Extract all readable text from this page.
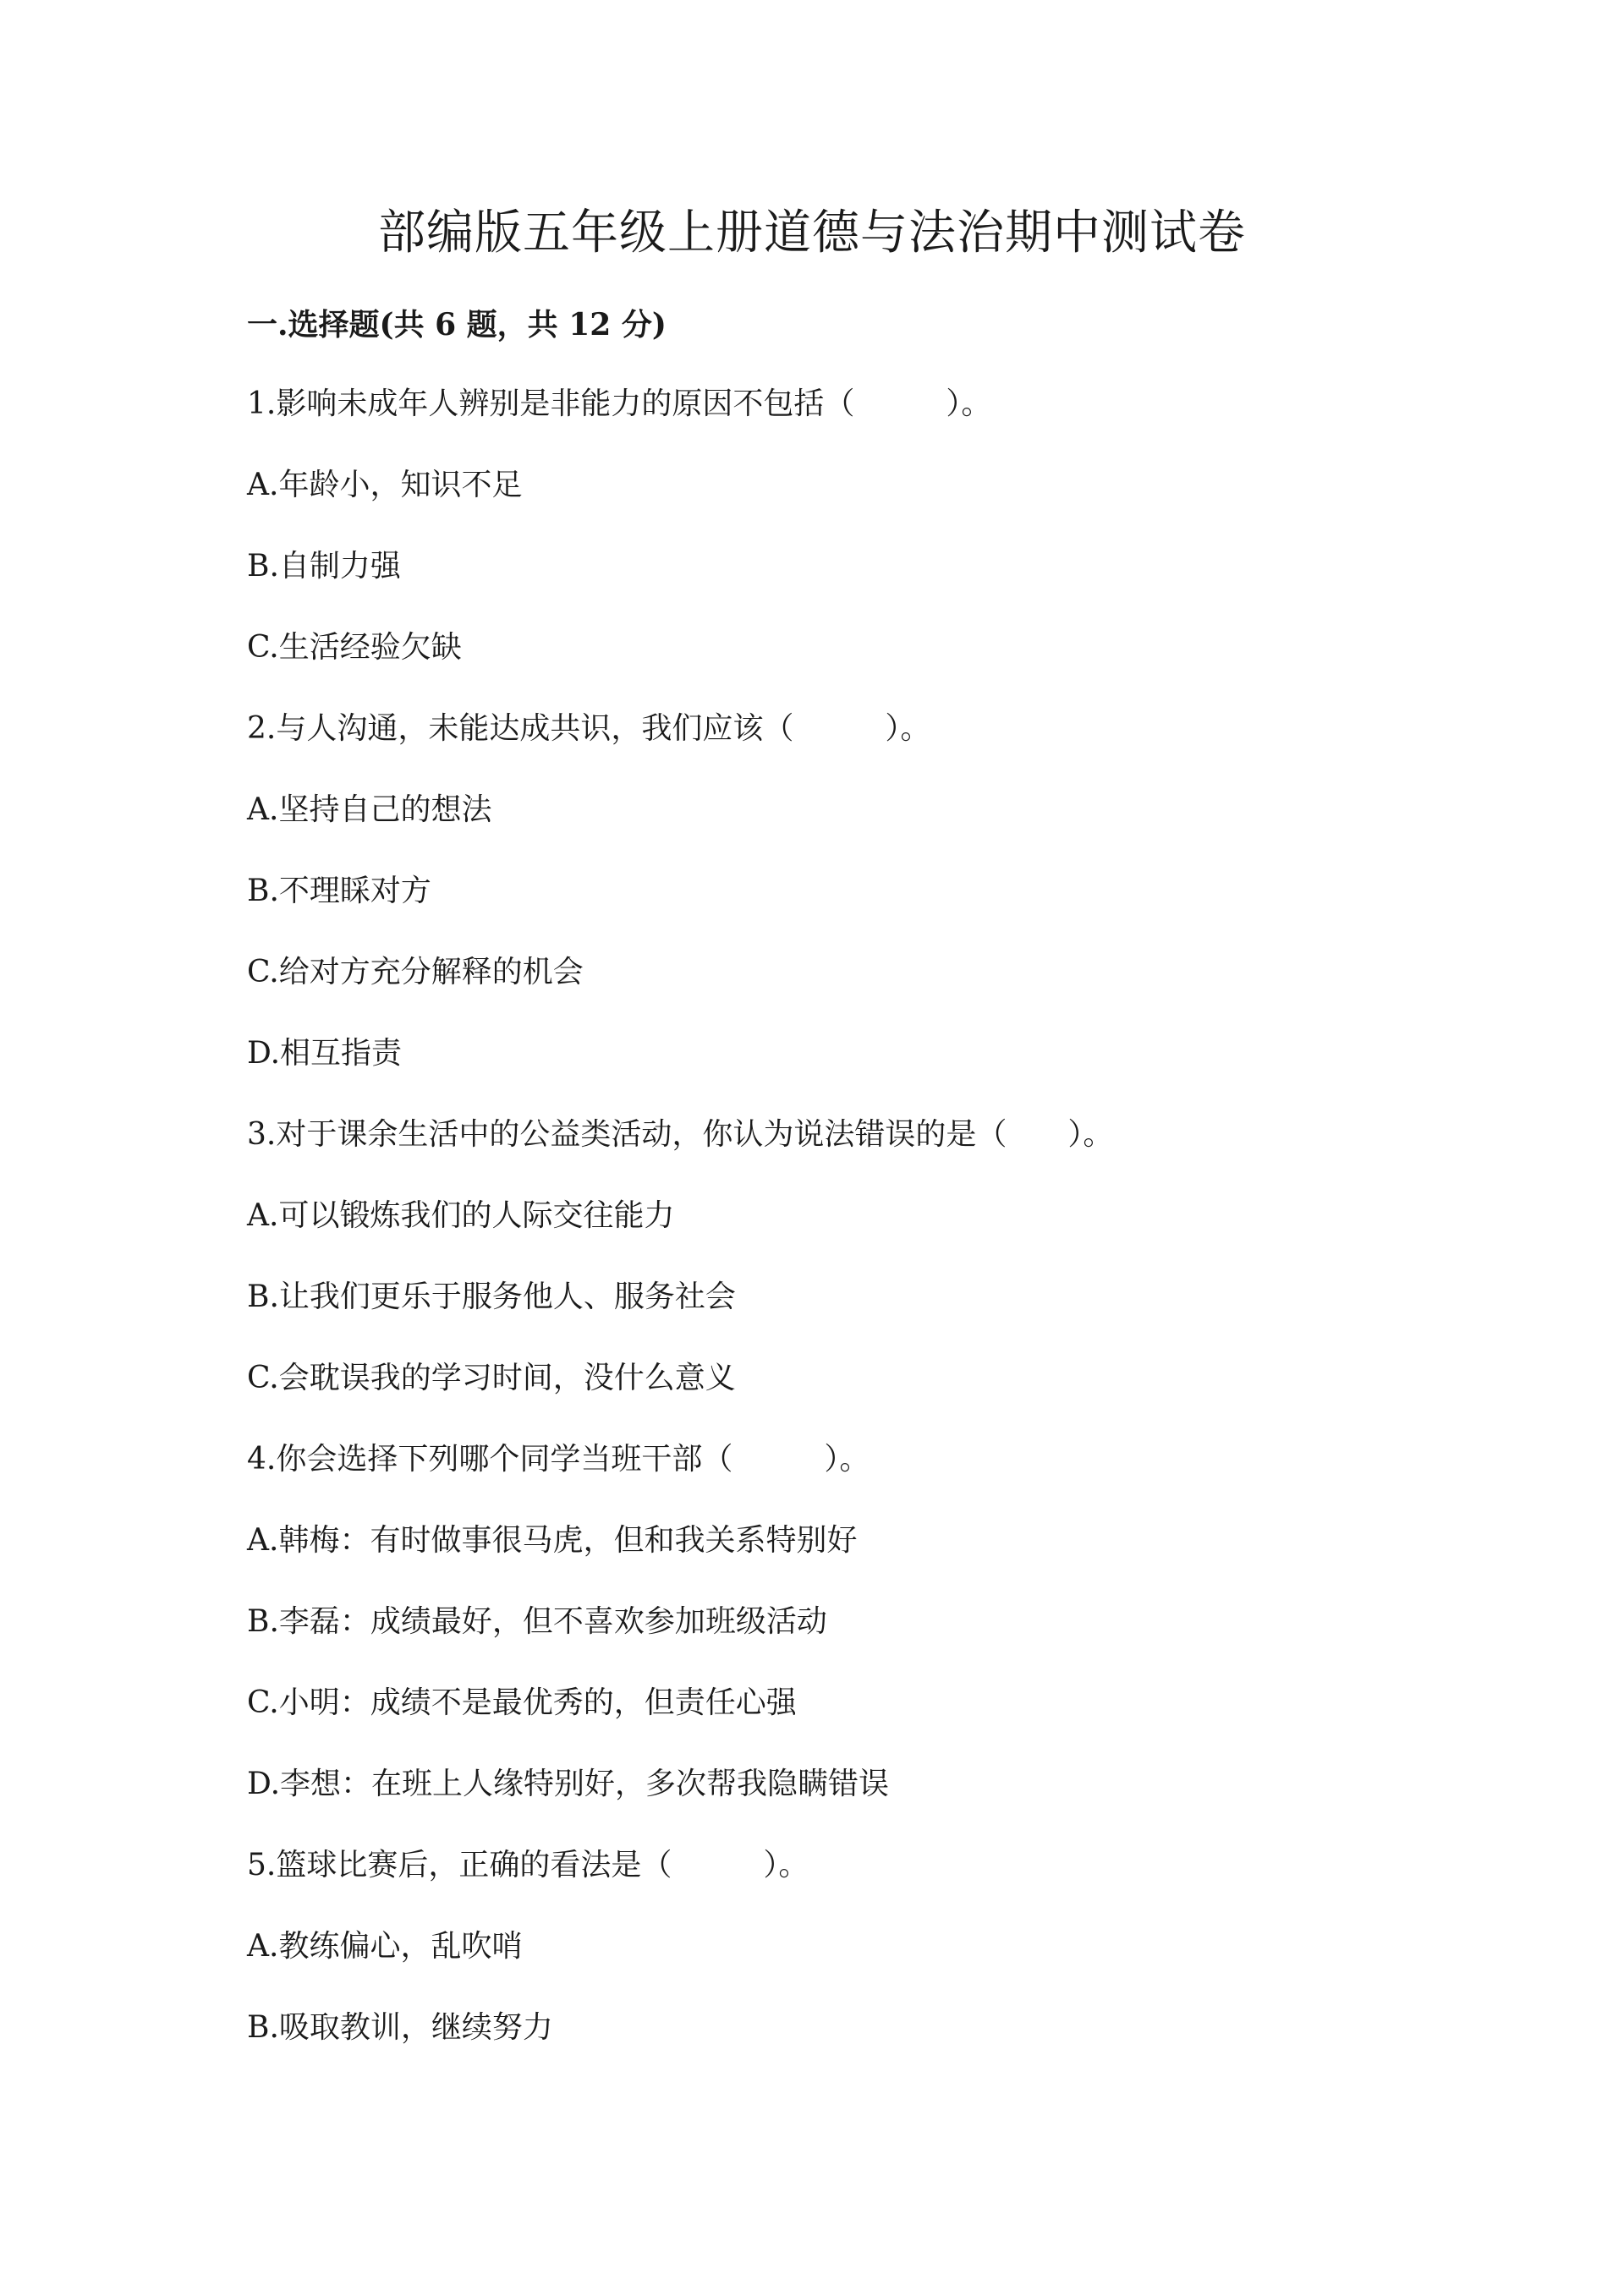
部编版五年级上册道德与法治期中测试卷
一.选择题(共 6 题，共 12 分)

1.影响未成年人辨别是非能力的原因不包括（　　　）。

A.年龄小，知识不足

B.自制力强

C.生活经验欠缺

2.与人沟通，未能达成共识，我们应该（　　　）。

A.坚持自己的想法

B.不理睬对方

C.给对方充分解释的机会

D.相互指责

3.对于课余生活中的公益类活动，你认为说法错误的是（　　）。

A.可以锻炼我们的人际交往能力

B.让我们更乐于服务他人、服务社会

C.会耽误我的学习时间，没什么意义

4.你会选择下列哪个同学当班干部（　　　）。

A.韩梅：有时做事很马虎，但和我关系特别好

B.李磊：成绩最好，但不喜欢参加班级活动

C.小明：成绩不是最优秀的，但责任心强

D.李想：在班上人缘特别好，多次帮我隐瞒错误

5.篮球比赛后，正确的看法是（　　　）。

A.教练偏心，乱吹哨

B.吸取教训，继续努力
